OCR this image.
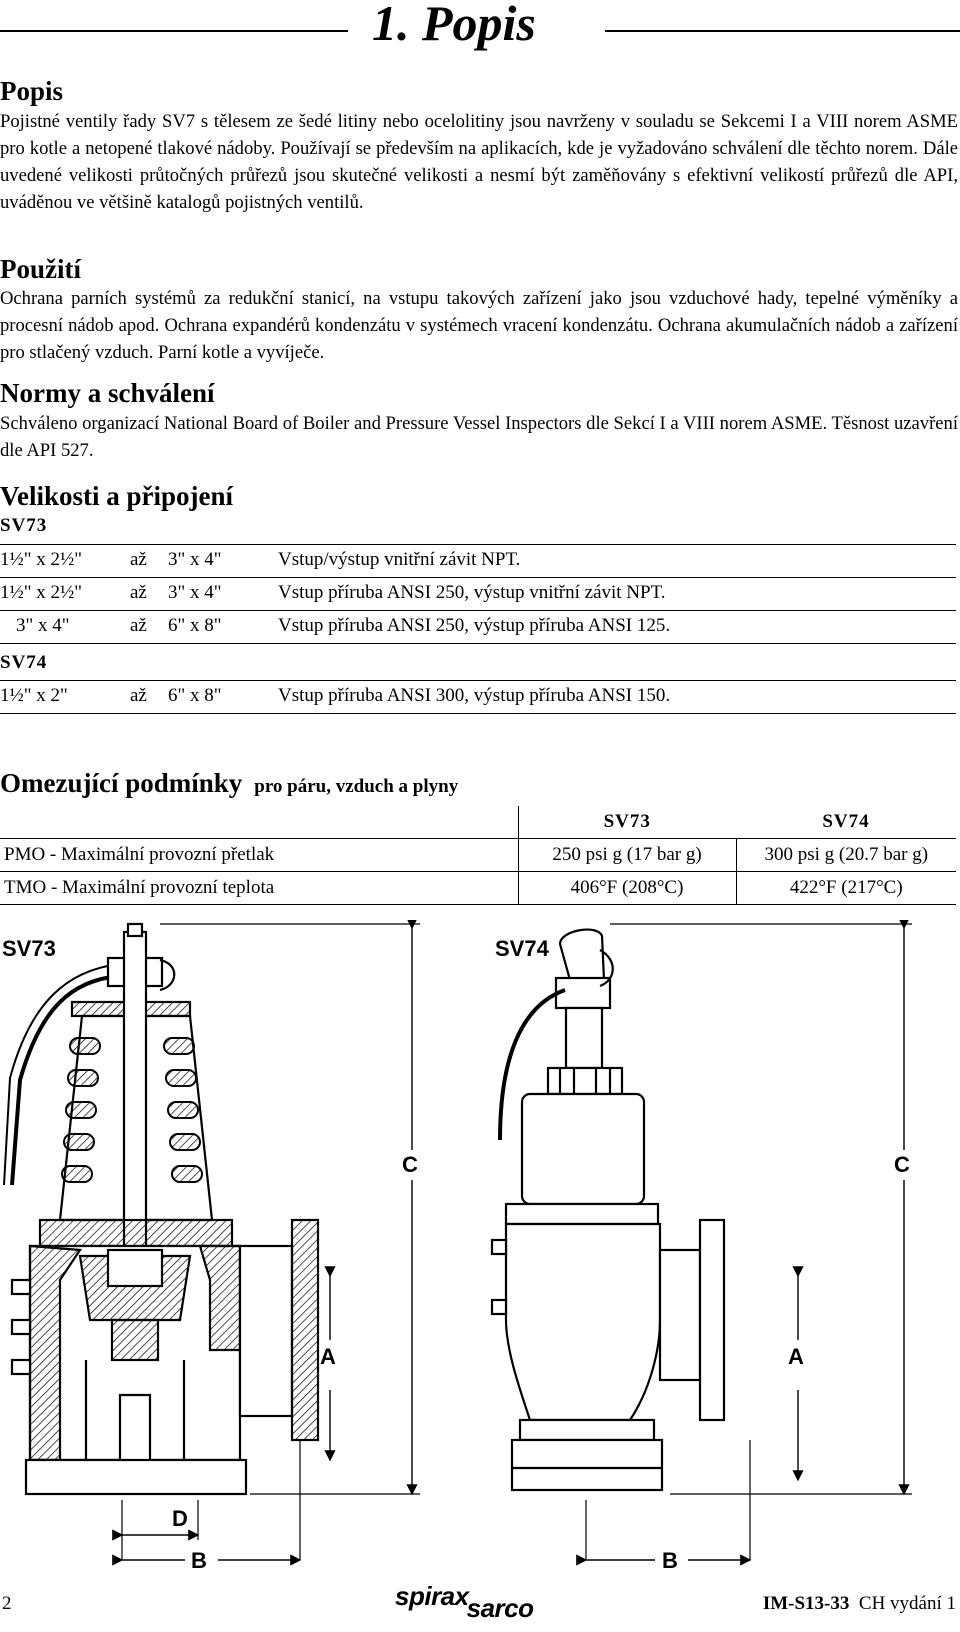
1. Popis
Popis

Pojistné ventily řady SV7 s tělesem ze šedé litiny nebo ocelolitiny jsou navrženy v souladu se Sekcemi I a VIII norem ASME pro kotle a netopené tlakové nádoby. Používají se především na aplikacích, kde je vyžadováno schválení dle těchto norem. Dále uvedené velikosti průtočných průřezů jsou skutečné velikosti a nesmí být zaměňovány s efektivní velikostí průřezů dle API, uváděnou ve většině katalogů pojistných ventilů.

Použití

Ochrana parních systémů za redukční stanicí, na vstupu takových zařízení jako jsou vzduchové hady, tepelné výměníky a procesní nádob apod. Ochrana expandérů kondenzátu v systémech vracení kondenzátu. Ochrana akumulačních nádob a zařízení pro stlačený vzduch. Parní kotle a vyvíječe.

Normy a schválení

Schváleno organizací National Board of Boiler and Pressure Vessel Inspectors dle Sekcí I a VIII norem ASME. Těsnost uzavření dle API 527.

Velikosti a připojení
SV73
1½" x 2½"	až 3" x 4"	Vstup/výstup vnitřní závit NPT.
1½" x 2½"	až 3" x 4"	Vstup příruba ANSI 250, výstup vnitřní závit NPT.
3" x 4"	až 6" x 8"	Vstup příruba ANSI 250, výstup příruba ANSI 125.
SV74
1½" x 2"	až 6" x 8"	Vstup příruba ANSI 300, výstup příruba ANSI 150.
Omezující podmínky pro páru, vzduch a plyny
	SV73	SV74
PMO - Maximální provozní přetlak	250 psi g (17 bar g)	300 psi g (20.7 bar g)
TMO - Maximální provozní teplota	406°F (208°C)	422°F (217°C)
SV73	SV74
A
B
C
D
A
B
C
2	spiraxsarco	IM-S13-33 CH vydání 1
